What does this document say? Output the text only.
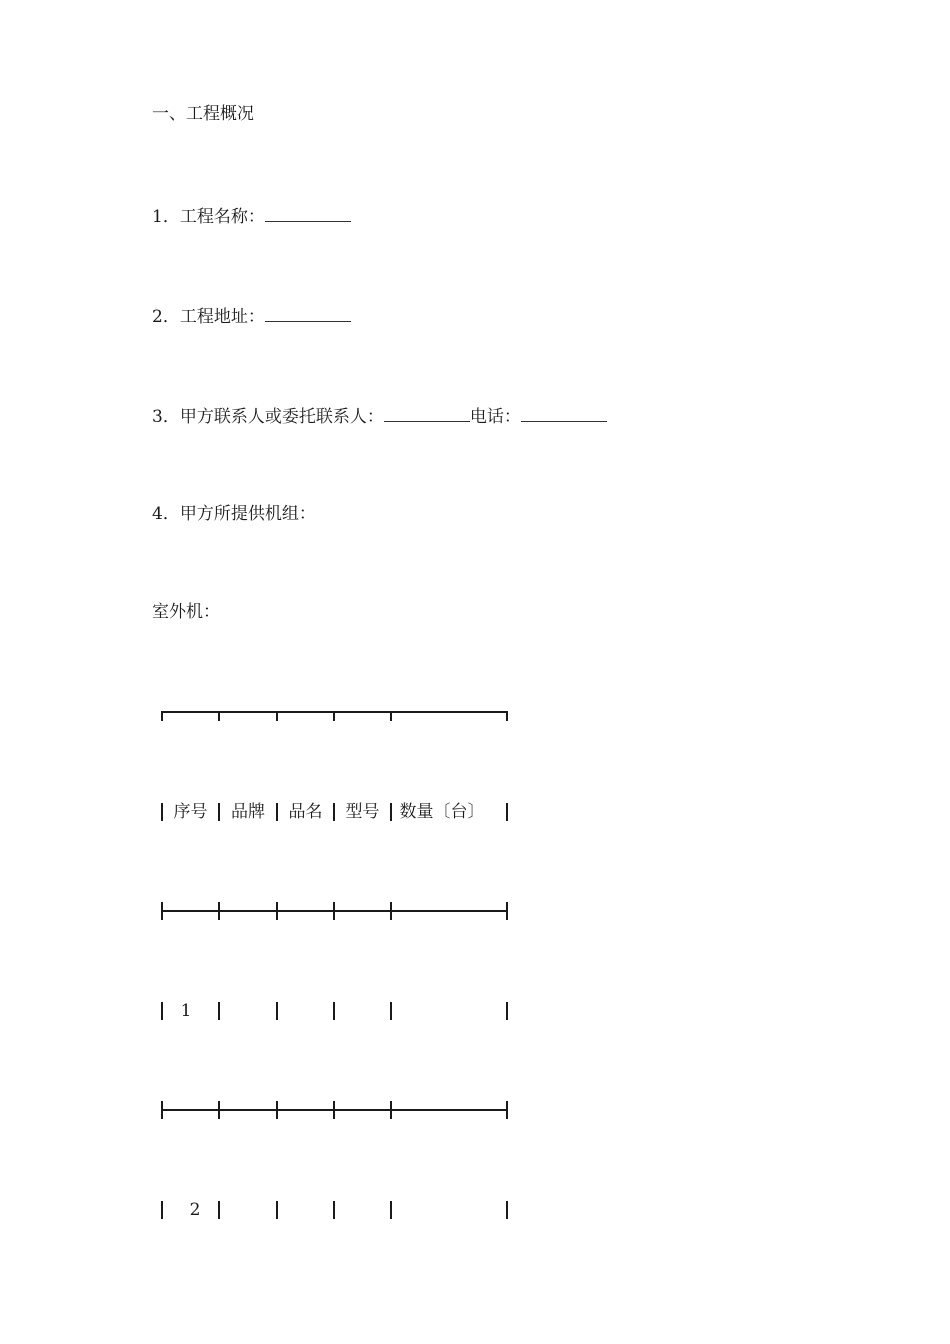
一、工程概况
1．工程名称：
2．工程地址：
3．甲方联系人或委托联系人：	电话：
4．甲方所提供机组：
室外机：
序号	品牌	品名	型号	数量〔台〕
1
2
